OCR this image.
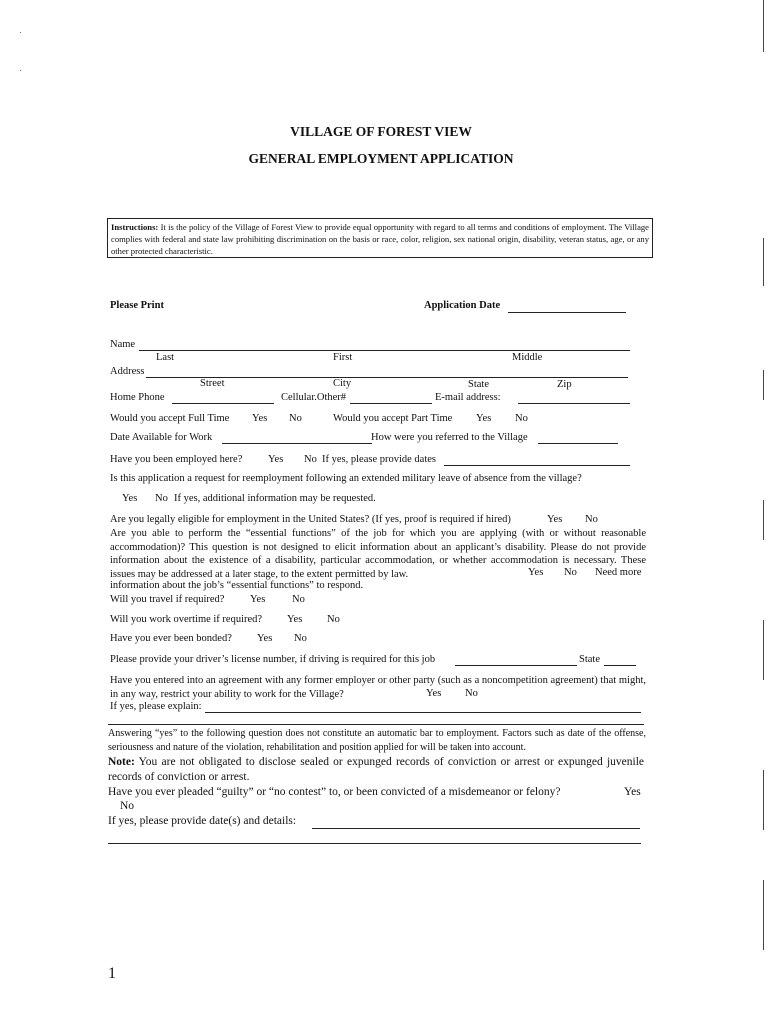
VILLAGE OF FOREST VIEW
GENERAL EMPLOYMENT APPLICATION
Instructions: It is the policy of the Village of Forest View to provide equal opportunity with regard to all terms and conditions of employment. The Village complies with federal and state law prohibiting discrimination on the basis or race, color, religion, sex national origin, disability, veteran status, age, or any other protected characteristic.
Please Print	Application Date
Name
Last	First	Middle
Address
Street	City	State	Zip
Home Phone	Cellular.Other#	E-mail address:
Would you accept Full Time Yes No	Would you accept Part Time Yes No
Date Available for Work	How were you referred to the Village
Have you been employed here? Yes No If yes, please provide dates
Is this application a request for reemployment following an extended military leave of absence from the village?
Yes No If yes, additional information may be requested.
Are you legally eligible for employment in the United States? (If yes, proof is required if hired)	Yes No
Are you able to perform the “essential functions” of the job for which you are applying (with or without reasonable accommodation)? This question is not designed to elicit information about an applicant’s disability. Please do not provide information about the existence of a disability, particular accommodation, or whether accommodation is necessary. These issues may be addressed at a later stage, to the extent permitted by law.	Yes No Need more
information about the job’s “essential functions” to respond.
Will you travel if required? Yes	No
Will you work overtime if required? Yes No
Have you ever been bonded? Yes No
Please provide your driver’s license number, if driving is required for this job	State
Have you entered into an agreement with any former employer or other party (such as a noncompetition agreement) that might, in any way, restrict your ability to work for the Village?	Yes No
If yes, please explain:
Answering “yes” to the following question does not constitute an automatic bar to employment. Factors such as date of the offense, seriousness and nature of the violation, rehabilitation and position applied for will be taken into account.
Note: You are not obligated to disclose sealed or expunged records of conviction or arrest or expunged juvenile records of conviction or arrest.
Have you ever pleaded “guilty” or “no contest” to, or been convicted of a misdemeanor or felony?	Yes
No
If yes, please provide date(s) and details:
1
